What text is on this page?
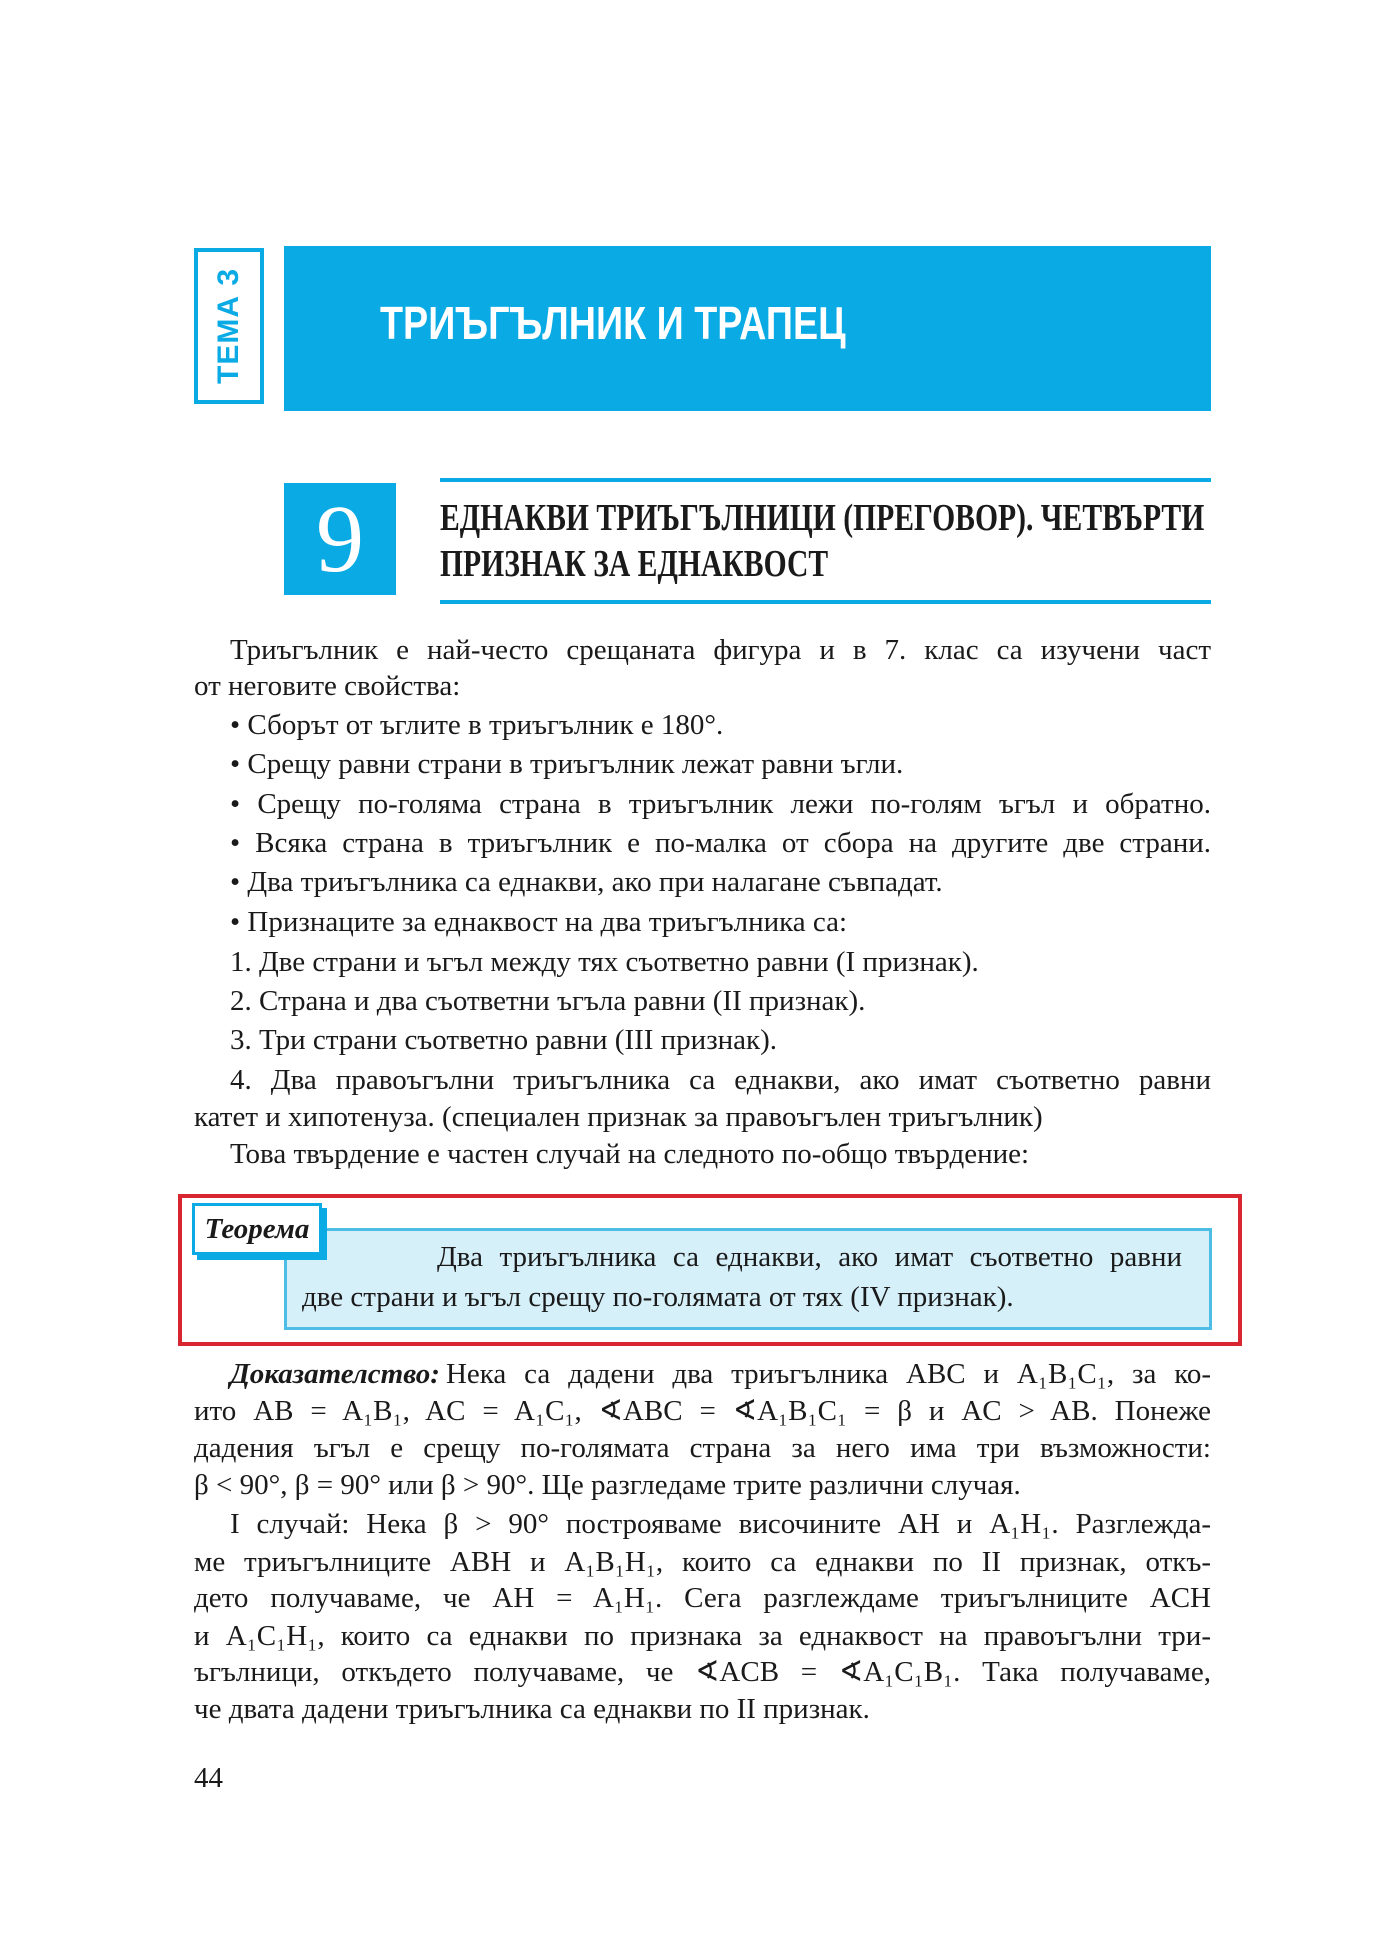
ТЕМА 3	ТРИЪГЪЛНИК И ТРАПЕЦ
9	ЕДНАКВИ ТРИЪГЪЛНИЦИ (ПРЕГОВОР). ЧЕТВЪРТИ
ПРИЗНАК ЗА ЕДНАКВОСТ
Триъгълник е най-често срещаната фигура и в 7. клас са изучени част
от неговите свойства:
• Сборът от ъглите в триъгълник е 180°.
• Срещу равни страни в триъгълник лежат равни ъгли.
• Срещу по-голяма страна в триъгълник лежи по-голям ъгъл и обратно.
• Всяка страна в триъгълник е по-малка от сбора на другите две страни.
• Два триъгълника са еднакви, ако при налагане съвпадат.
• Признаците за еднаквост на два триъгълника са:
1. Две страни и ъгъл между тях съответно равни (I признак).
2. Страна и два съответни ъгъла равни (II признак).
3. Три страни съответно равни (III признак).
4. Два правоъгълни триъгълника са еднакви, ако имат съответно равни
катет и хипотенуза. (специален признак за правоъгълен триъгълник)
Това твърдение е частен случай на следното по-общо твърдение:
Два триъгълника са еднакви, ако имат съответно равни
две страни и ъгъл срещу по-голямата от тях (IV признак).
Теорема
Доказателство: Нека са дадени два триъгълника ABC и A₁B₁C₁, за ко-
ито AB = A₁B₁, AC = A₁C₁, ∢ABC = ∢A₁B₁C₁ = β и AC > AB. Понеже
дадения ъгъл е срещу по-голямата страна за него има три възможности:
β < 90°, β = 90° или β > 90°. Ще разгледаме трите различни случая.
I случай: Нека β > 90° построяваме височините AH и A₁H₁. Разглежда-
ме триъгълниците ABH и A₁B₁H₁, които са еднакви по II признак, откъ-
дето получаваме, че AH = A₁H₁. Сега разглеждаме триъгълниците ACH
и A₁C₁H₁, които са еднакви по признака за еднаквост на правоъгълни три-
ъгълници, откъдето получаваме, че ∢ACB = ∢A₁C₁B₁. Така получаваме,
че двата дадени триъгълника са еднакви по II признак.
44
